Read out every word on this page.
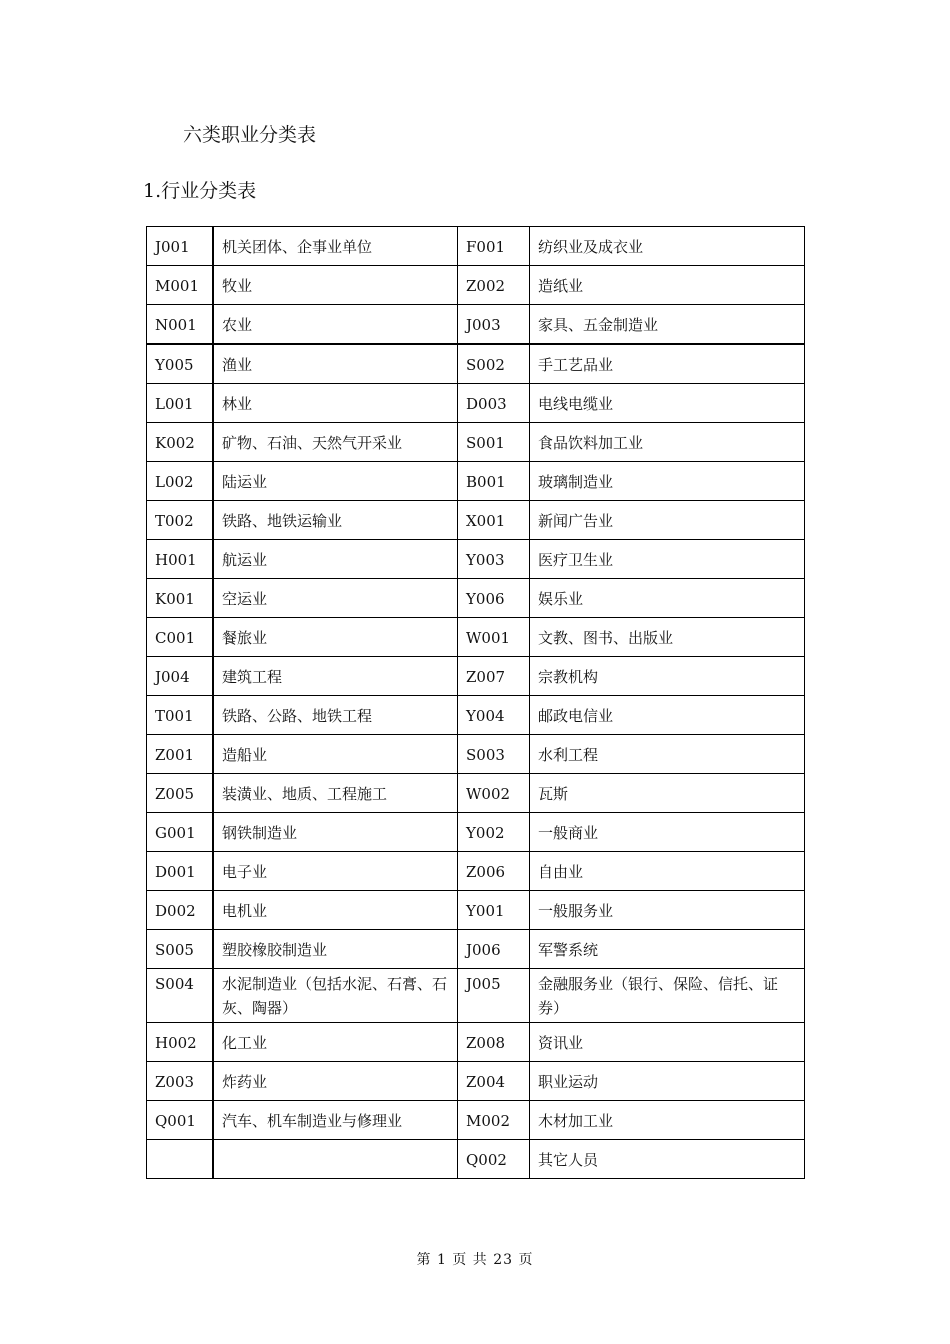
六类职业分类表
1.行业分类表
J001	机关团体、企事业单位	F001	纺织业及成衣业
M001	牧业	Z002	造纸业
N001	农业	J003	家具、五金制造业
Y005	渔业	S002	手工艺品业
L001	林业	D003	电线电缆业
K002	矿物、石油、天然气开采业	S001	食品饮料加工业
L002	陆运业	B001	玻璃制造业
T002	铁路、地铁运输业	X001	新闻广告业
H001	航运业	Y003	医疗卫生业
K001	空运业	Y006	娱乐业
C001	餐旅业	W001	文教、图书、出版业
J004	建筑工程	Z007	宗教机构
T001	铁路、公路、地铁工程	Y004	邮政电信业
Z001	造船业	S003	水利工程
Z005	装潢业、地质、工程施工	W002	瓦斯
G001	钢铁制造业	Y002	一般商业
D001	电子业	Z006	自由业
D002	电机业	Y001	一般服务业
S005	塑胶橡胶制造业	J006	军警系统
S004	水泥制造业（包括水泥、石膏、石灰、陶器）	J005	金融服务业（银行、保险、信托、证券）
H002	化工业	Z008	资讯业
Z003	炸药业	Z004	职业运动
Q001	汽车、机车制造业与修理业	M002	木材加工业
		Q002	其它人员
第 1 页 共 23 页
